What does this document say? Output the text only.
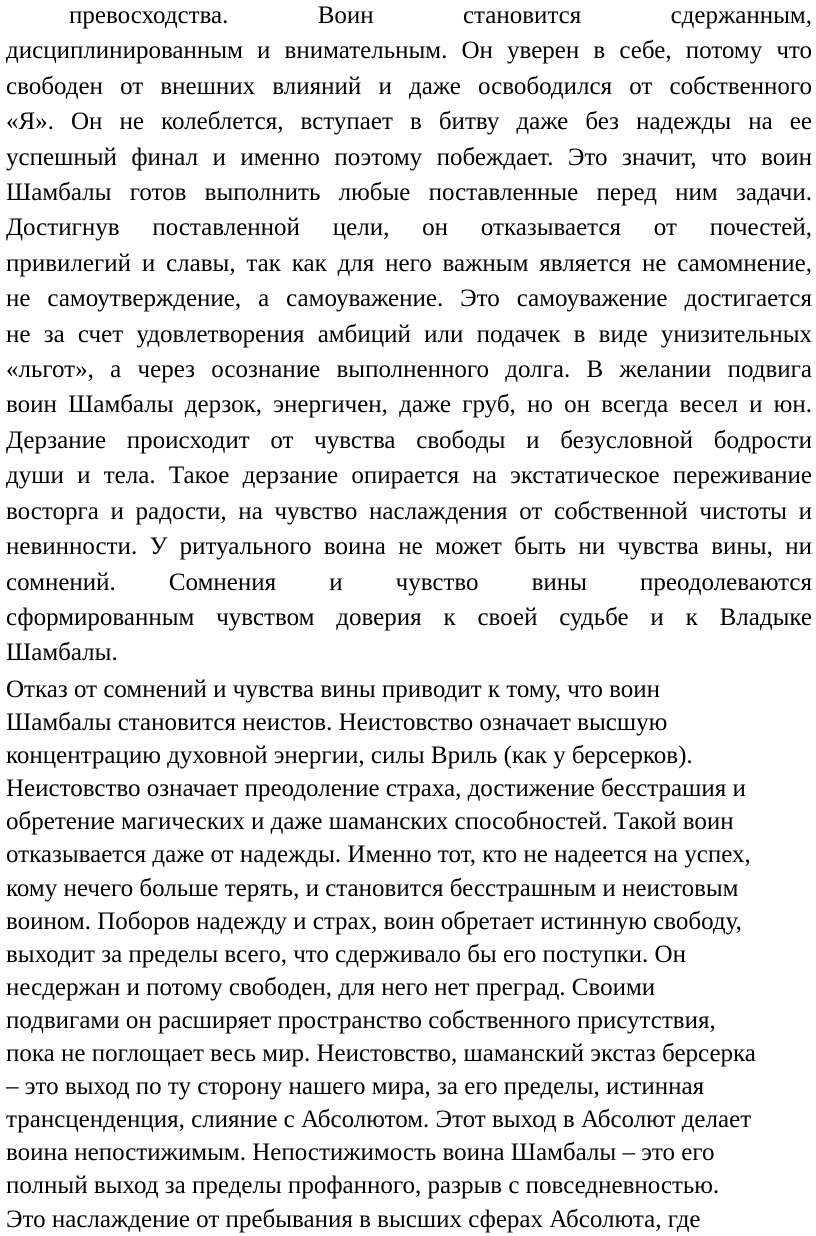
превосходства. Воин становится сдержанным,
дисциплинированным и внимательным. Он уверен в себе, потому что
свободен от внешних влияний и даже освободился от собственного
«Я». Он не колеблется, вступает в битву даже без надежды на ее
успешный финал и именно поэтому побеждает. Это значит, что воин
Шамбалы готов выполнить любые поставленные перед ним задачи.
Достигнув поставленной цели, он отказывается от почестей,
привилегий и славы, так как для него важным является не самомнение,
не самоутверждение, а самоуважение. Это самоуважение достигается
не за счет удовлетворения амбиций или подачек в виде унизительных
«льгот», а через осознание выполненного долга. В желании подвига
воин Шамбалы дерзок, энергичен, даже груб, но он всегда весел и юн.
Дерзание происходит от чувства свободы и безусловной бодрости
души и тела. Такое дерзание опирается на экстатическое переживание
восторга и радости, на чувство наслаждения от собственной чистоты и
невинности. У ритуального воина не может быть ни чувства вины, ни
сомнений. Сомнения и чувство вины преодолеваются
сформированным чувством доверия к своей судьбе и к Владыке
Шамбалы.
Отказ от сомнений и чувства вины приводит к тому, что воин
Шамбалы становится неистов. Неистовство означает высшую
концентрацию духовной энергии, силы Вриль (как у берсерков).
Неистовство означает преодоление страха, достижение бесстрашия и
обретение магических и даже шаманских способностей. Такой воин
отказывается даже от надежды. Именно тот, кто не надеется на успех,
кому нечего больше терять, и становится бесстрашным и неистовым
воином. Поборов надежду и страх, воин обретает истинную свободу,
выходит за пределы всего, что сдерживало бы его поступки. Он
несдержан и потому свободен, для него нет преград. Своими
подвигами он расширяет пространство собственного присутствия,
пока не поглощает весь мир. Неистовство, шаманский экстаз берсерка
– это выход по ту сторону нашего мира, за его пределы, истинная
трансценденция, слияние с Абсолютом. Этот выход в Абсолют делает
воина непостижимым. Непостижимость воина Шамбалы – это его
полный выход за пределы профанного, разрыв с повседневностью.
Это наслаждение от пребывания в высших сферах Абсолюта, где
